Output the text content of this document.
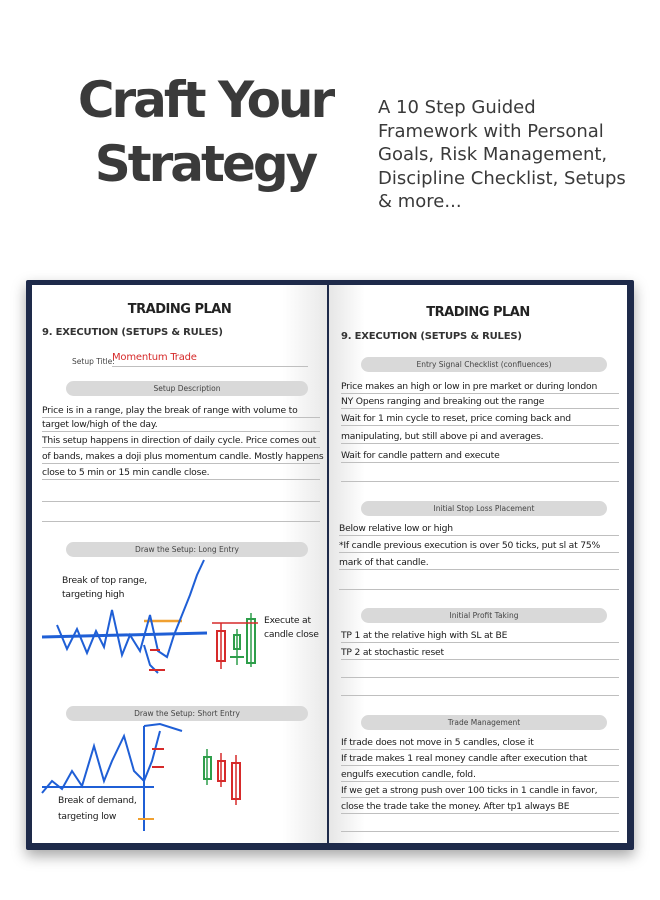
Craft Your
Strategy
A 10 Step Guided
Framework with Personal
Goals, Risk Management,
Discipline Checklist, Setups
& more...
TRADING PLAN
9. EXECUTION (SETUPS & RULES)
Setup Title:
Momentum Trade
Setup Description
Price is in a range, play the break of range with volume to
target low/high of the day.
This setup happens in direction of daily cycle. Price comes out
of bands, makes a doji plus momentum candle. Mostly happens
close to 5 min or 15 min candle close.
Draw the Setup: Long Entry
Break of top range,
targeting high
Execute at
candle close
Draw the Setup: Short Entry
Break of demand,
targeting low
TRADING PLAN
9. EXECUTION (SETUPS & RULES)
Entry Signal Checklist (confluences)
Price makes an high or low in pre market or during london
NY Opens ranging and breaking out the range
Wait for 1 min cycle to reset, price coming back and
manipulating, but still above pi and averages.
Wait for candle pattern and execute
Initial Stop Loss Placement
Below relative low or high
*If candle previous execution is over 50 ticks, put sl at 75%
mark of that candle.
Initial Profit Taking
TP 1 at the relative high with SL at BE
TP 2 at stochastic reset
Trade Management
If trade does not move in 5 candles, close it
If trade makes 1 real money candle after execution that
engulfs execution candle, fold.
If we get a strong push over 100 ticks in 1 candle in favor,
close the trade take the money. After tp1 always BE
